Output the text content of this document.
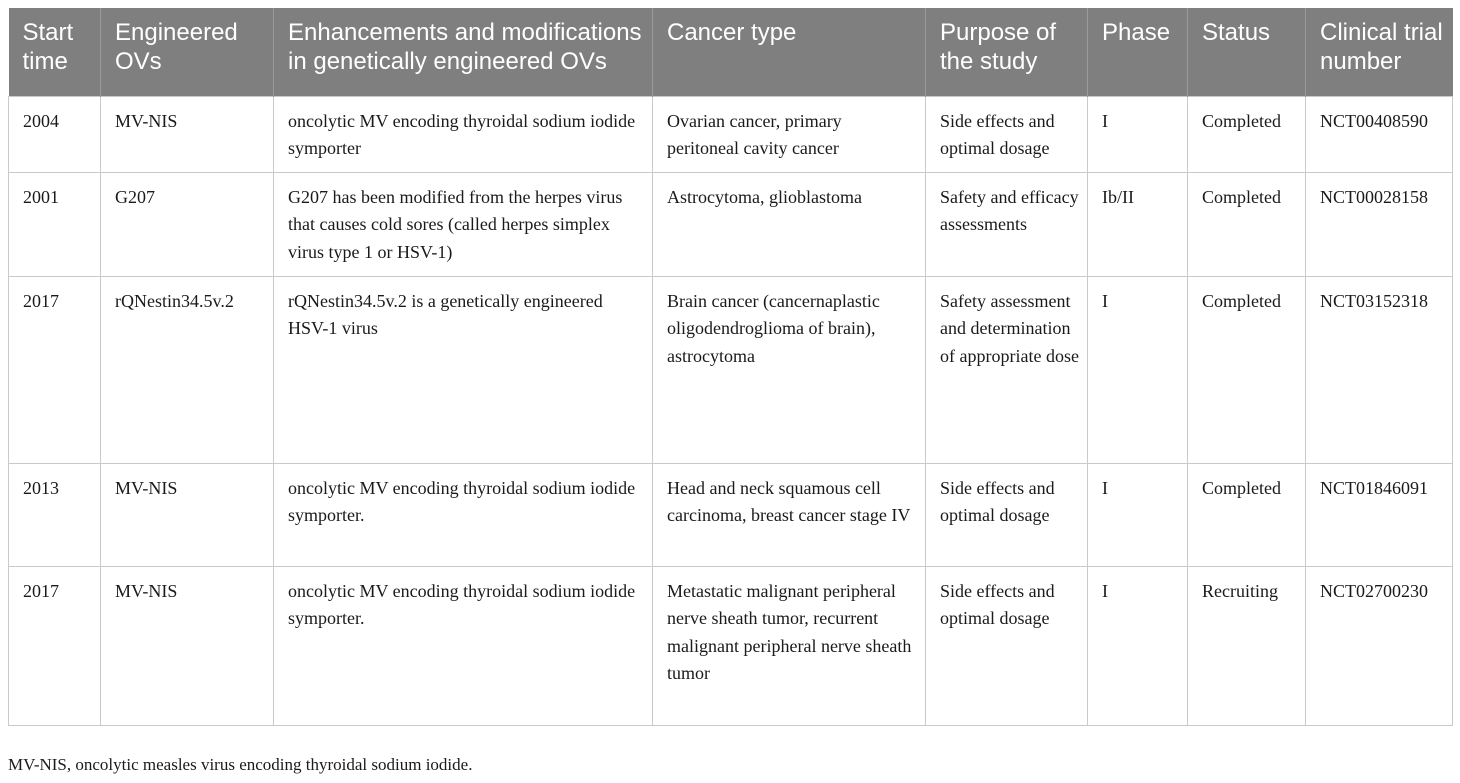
Start time	Engineered OVs	Enhancements and modifications in genetically engineered OVs	Cancer type	Purpose of the study	Phase	Status	Clinical trial number
2004	MV-NIS	oncolytic MV encoding thyroidal sodium iodide symporter	Ovarian cancer, primary peritoneal cavity cancer	Side effects and optimal dosage	I	Completed	NCT00408590
2001	G207	G207 has been modified from the herpes virus that causes cold sores (called herpes simplex virus type 1 or HSV-1)	Astrocytoma, glioblastoma	Safety and efficacy assessments	Ib/II	Completed	NCT00028158
2017	rQNestin34.5v.2	rQNestin34.5v.2 is a genetically engineered HSV-1 virus	Brain cancer (cancernaplastic oligodendroglioma of brain), astrocytoma	Safety assessment and determination of appropriate dose	I	Completed	NCT03152318
2013	MV-NIS	oncolytic MV encoding thyroidal sodium iodide symporter.	Head and neck squamous cell carcinoma, breast cancer stage IV	Side effects and optimal dosage	I	Completed	NCT01846091
2017	MV-NIS	oncolytic MV encoding thyroidal sodium iodide symporter.	Metastatic malignant peripheral nerve sheath tumor, recurrent malignant peripheral nerve sheath tumor	Side effects and optimal dosage	I	Recruiting	NCT02700230
MV-NIS, oncolytic measles virus encoding thyroidal sodium iodide.
